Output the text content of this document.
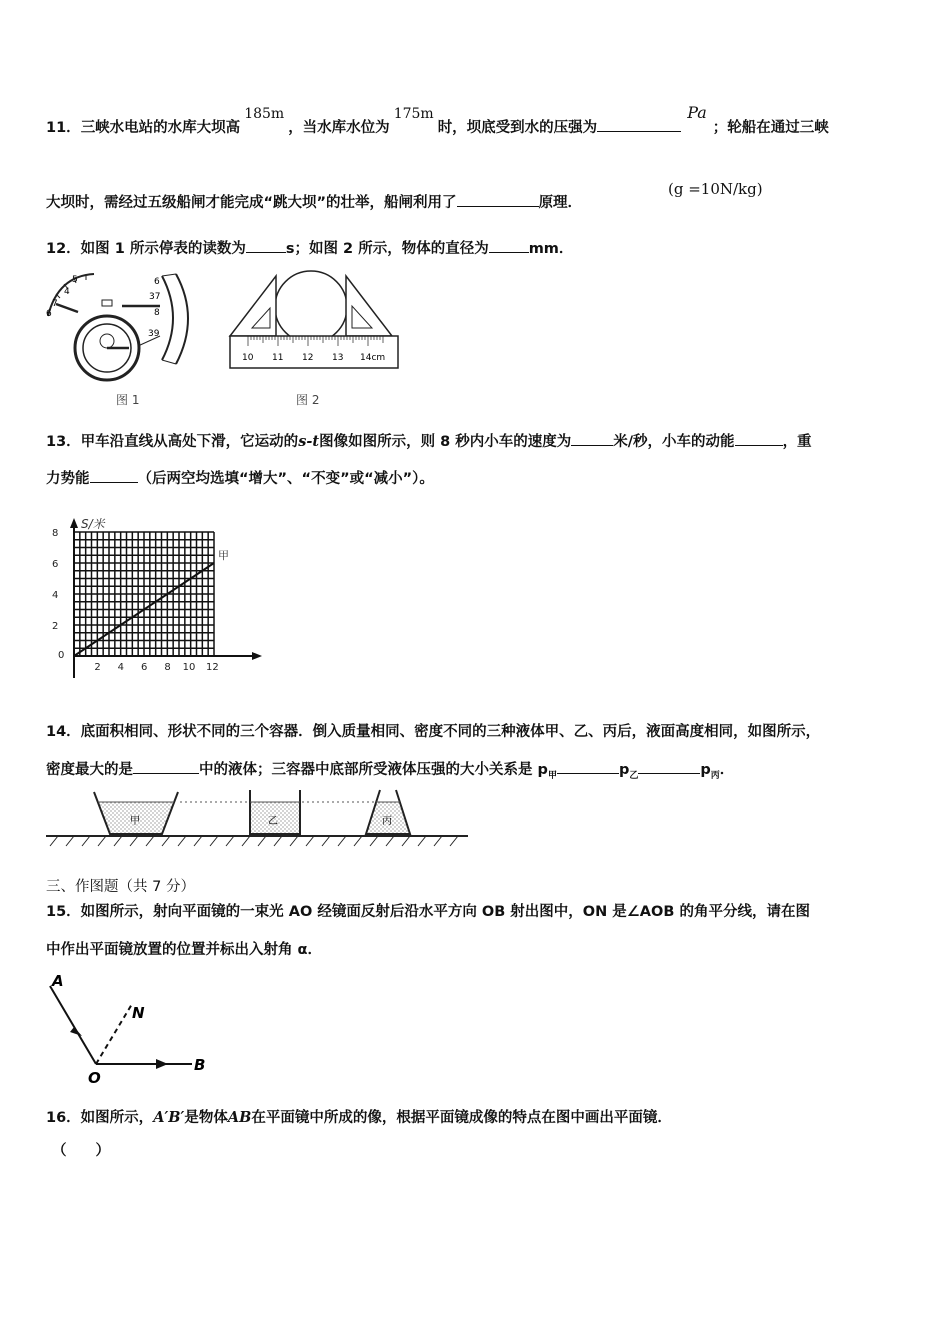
11．三峡水电站的水库大坝高185m，当水库水位为175m时，坝底受到水的压强为Pa；轮船在通过三峡
大坝时，需经过五级船闸才能完成“跳大坝”的壮举，船闸利用了	原理．
(g =10N/kg)
12．如图 1 所示停表的读数为	s；如图 2 所示，物体的直径为	mm．
5
4
7
6
6
37
8
39
图 1
10 11 12 13 14cm
图 2
13．甲车沿直线从高处下滑，它运动的s-t图像如图所示，则 8 秒内小车的速度为	米/秒，小车的动能	，重
力势能	（后两空均选填“增大”、“不变”或“减小”）。
S/米
2 4 6 8 10 12
2
4
6
8
0
甲
14．底面积相同、形状不同的三个容器．倒入质量相同、密度不同的三种液体甲、乙、丙后，液面高度相同，如图所示，
密度最大的是	中的液体；三容器中底部所受液体压强的大小关系是 $p_甲$	$p_乙$	$p_丙$．
甲	乙	丙
三、作图题（共 7 分）
15．如图所示，射向平面镜的一束光 AO 经镜面反射后沿水平方向 OB 射出图中，ON 是∠AOB 的角平分线，请在图
中作出平面镜放置的位置并标出入射角 α．
A
N
O
B
16．如图所示，A′B′是物体AB在平面镜中所成的像，根据平面镜成像的特点在图中画出平面镜．
（　　）
